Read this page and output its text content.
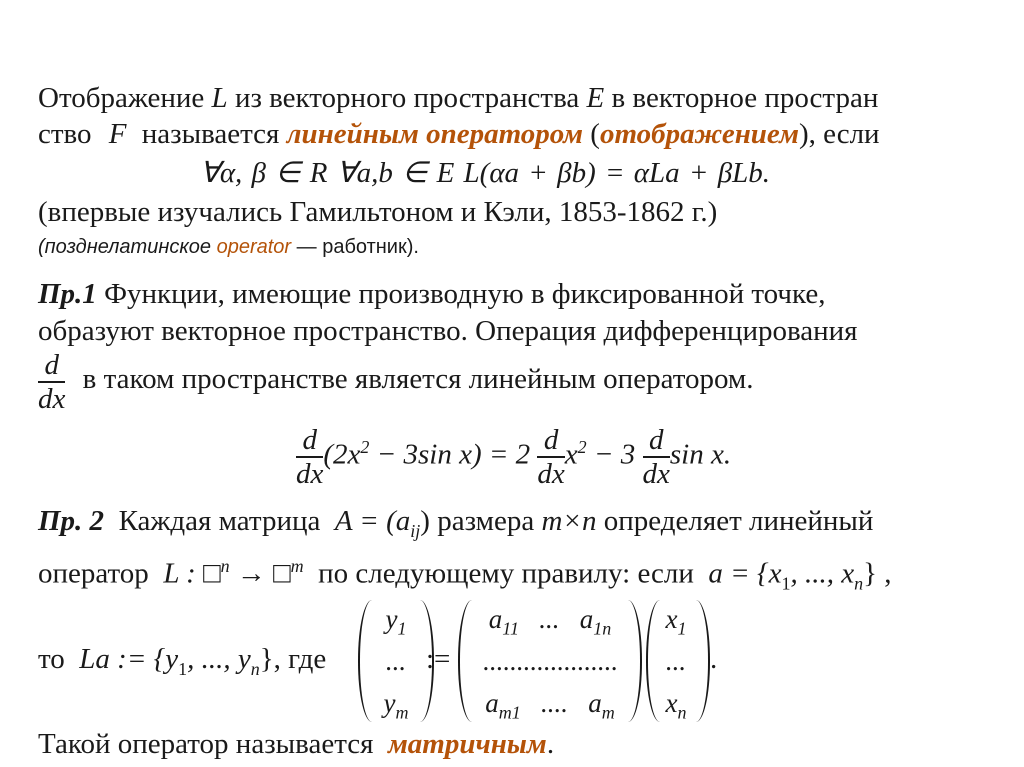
Отображение L из векторного пространства E в векторное простран
ство F называется линейным оператором (отображением), если
∀α, β ∈ R ∀a,b ∈ E L(αa + βb) = αLa + βLb.
(впервые изучались Гамильтоном и Кэли, 1853-1862 г.)
(позднелатинское operator — работник).
Пр.1 Функции, имеющие производную в фиксированной точке,
образуют векторное пространство. Операция дифференцирования
$\frac{d}{dx}$ в таком пространстве является линейным оператором.
$\frac{d}{dx} (2x^2 - 3\sin$ $x) = 2 \frac{d}{dx} x^2 - 3 \frac{d}{dx}$ sin x.
Пр. 2  Каждая матрица  $A = (a_{ij})$ размера m×n определяет линейный
оператор  L : □$^n$ → □$^m$  по следующему правилу: если  $a = \{x_1$, ..., $x_n$} ,
то  La := {$y_1$, ..., $y_n$}, где
$y_1$
...
$y_m$
:=
$a_{11}$   ...   $a_{1n}$
....................
$a_{m1}$   ....   $a_m$
$x_1$
...
$x_n$
.
Такой оператор называется  матричным.
